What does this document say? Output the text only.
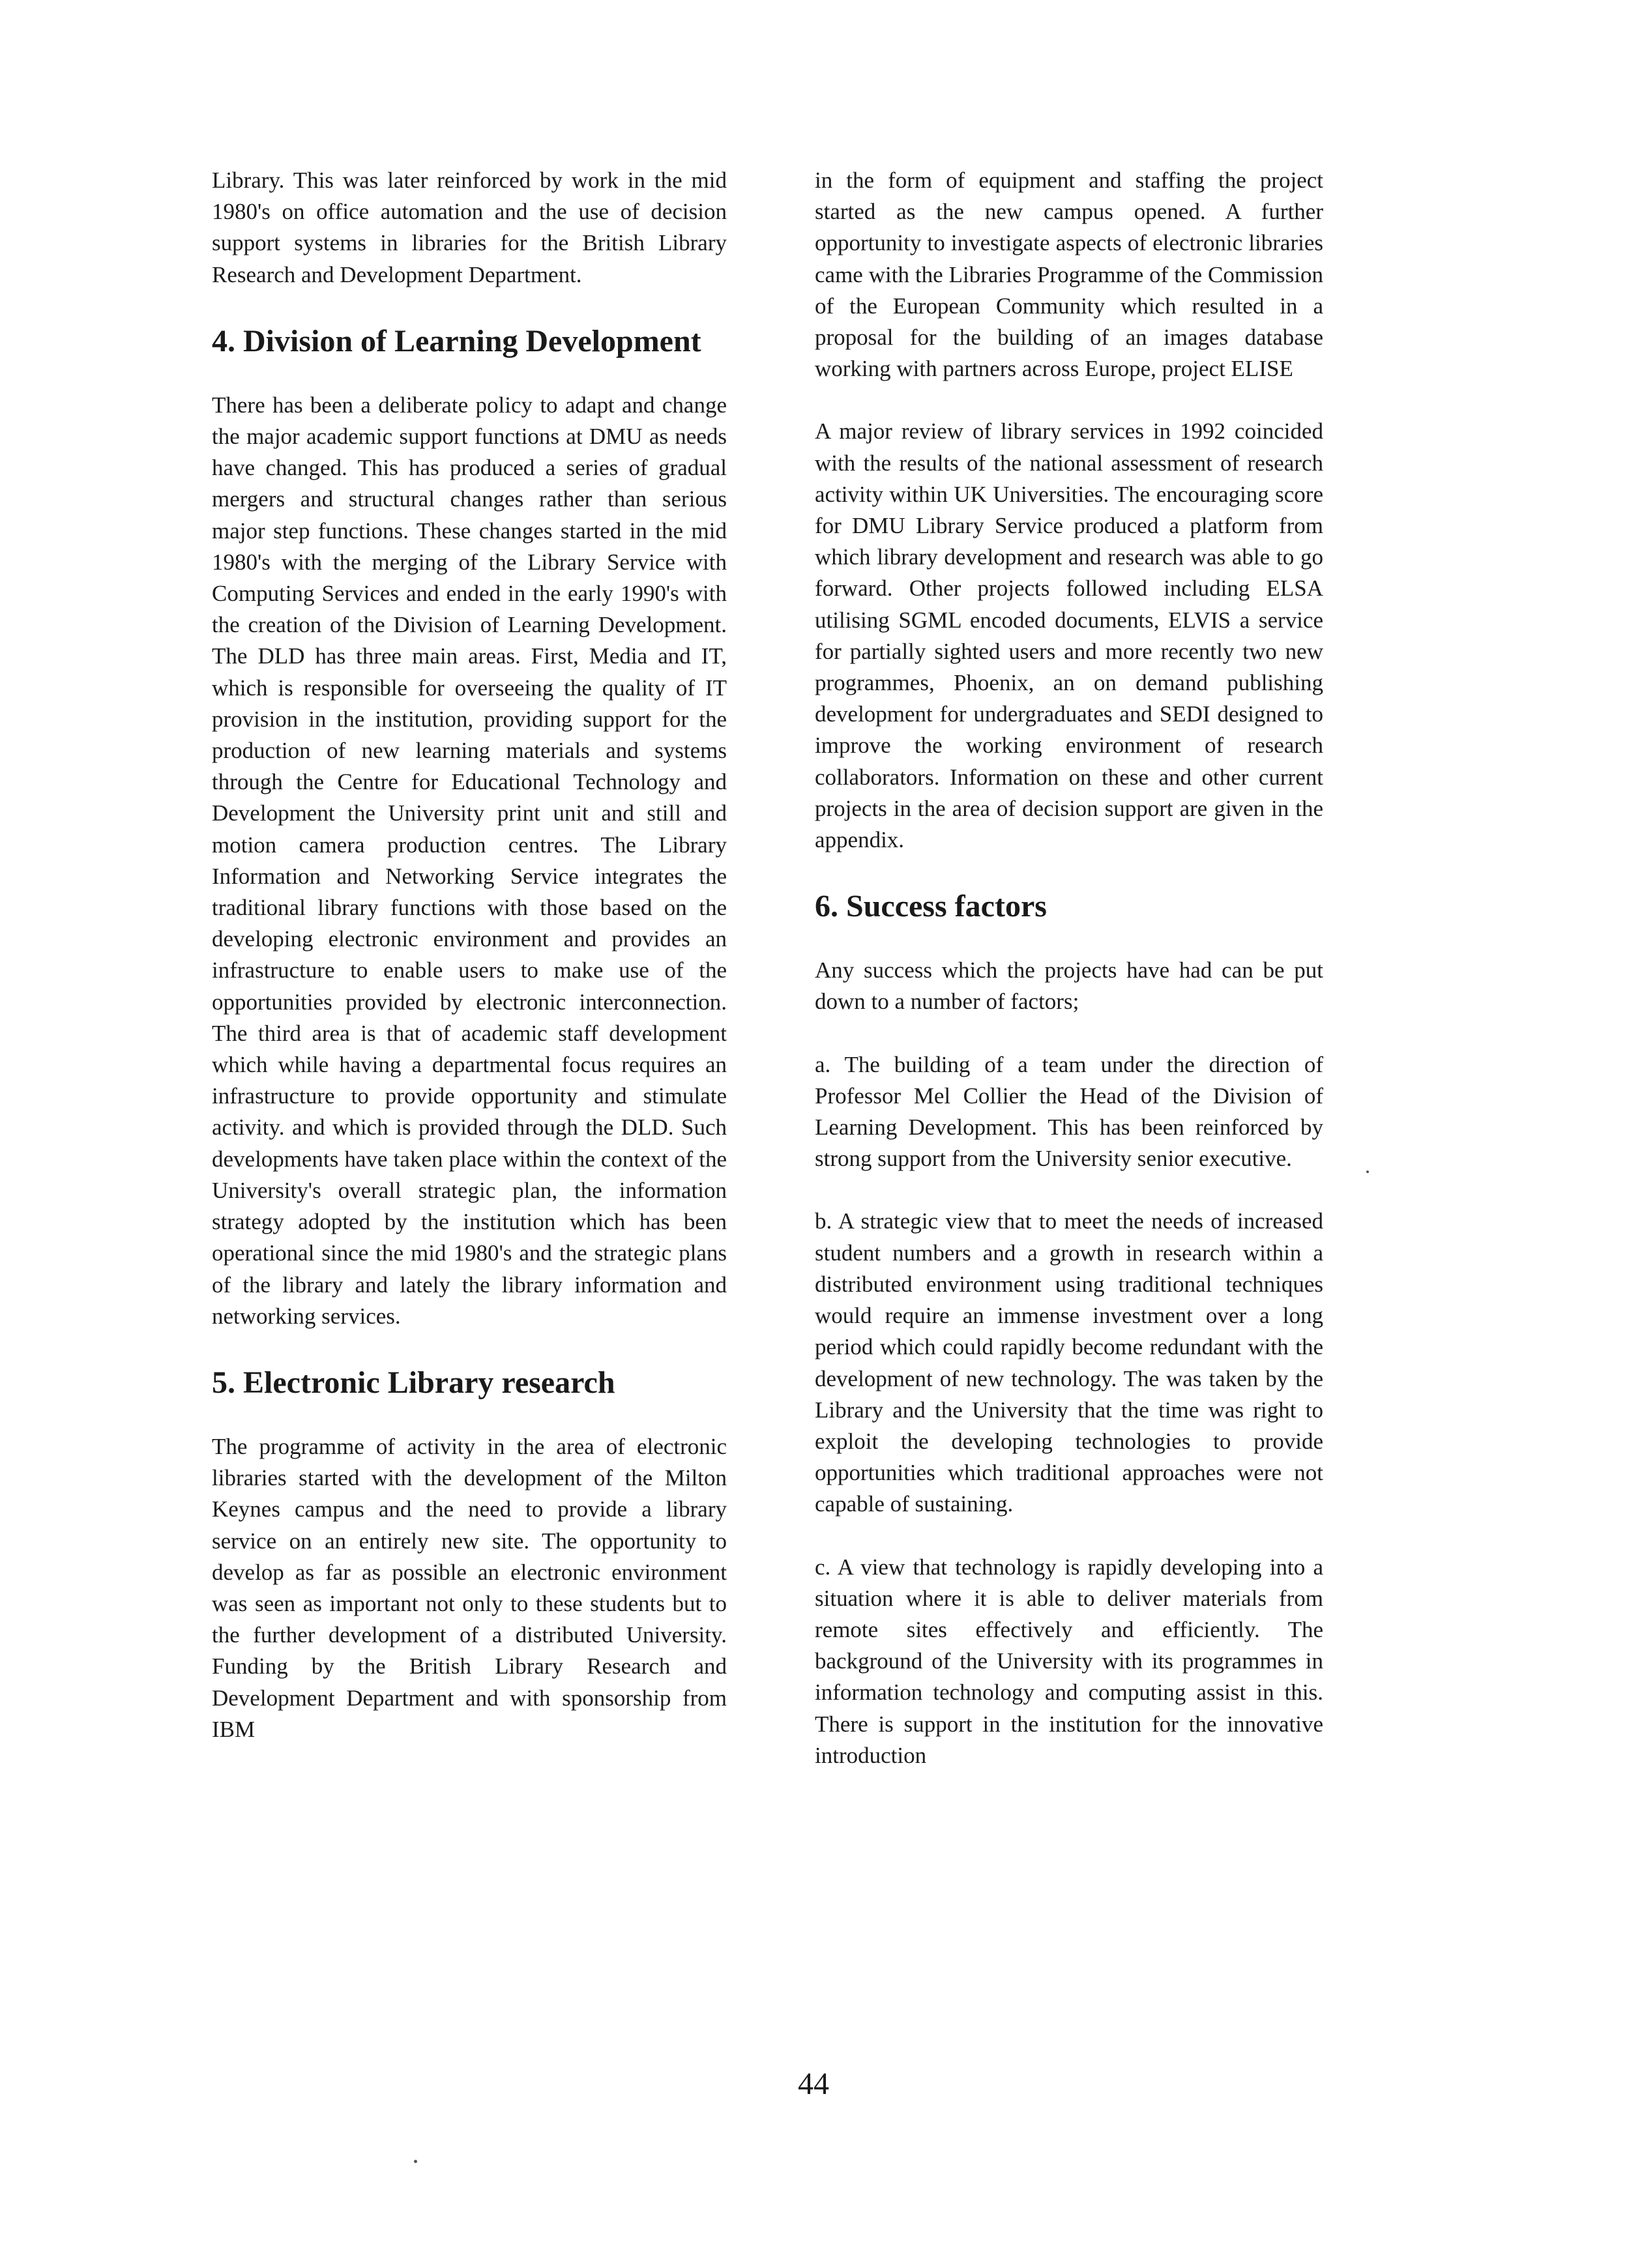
Library. This was later reinforced by work in the mid 1980's on office automation and the use of decision support systems in libraries for the British Library Research and Development Department.

4. Division of Learning Development

There has been a deliberate policy to adapt and change the major academic support functions at DMU as needs have changed. This has produced a series of gradual mergers and structural changes rather than serious major step functions. These changes started in the mid 1980's with the merging of the Library Service with Computing Services and ended in the early 1990's with the creation of the Division of Learning Development. The DLD has three main areas. First, Media and IT, which is responsible for overseeing the quality of IT provision in the institution, providing support for the production of new learning materials and systems through the Centre for Educational Technology and Development the University print unit and still and motion camera production centres. The Library Information and Networking Service integrates the traditional library functions with those based on the developing electronic environment and provides an infrastructure to enable users to make use of the opportunities provided by electronic interconnection. The third area is that of academic staff development which while having a departmental focus requires an infrastructure to provide opportunity and stimulate activity. and which is provided through the DLD. Such developments have taken place within the context of the University's overall strategic plan, the information strategy adopted by the institution which has been operational since the mid 1980's and the strategic plans of the library and lately the library information and networking services.

5. Electronic Library research

The programme of activity in the area of electronic libraries started with the development of the Milton Keynes campus and the need to provide a library service on an entirely new site. The opportunity to develop as far as possible an electronic environment was seen as important not only to these students but to the further development of a distributed University. Funding by the British Library Research and Development Department and with sponsorship from IBM

in the form of equipment and staffing the project started as the new campus opened. A further opportunity to investigate aspects of electronic libraries came with the Libraries Programme of the Commission of the European Community which resulted in a proposal for the building of an images database working with partners across Europe, project ELISE

A major review of library services in 1992 coincided with the results of the national assessment of research activity within UK Universities. The encouraging score for DMU Library Service produced a platform from which library development and research was able to go forward. Other projects followed including ELSA utilising SGML encoded documents, ELVIS a service for partially sighted users and more recently two new programmes, Phoenix, an on demand publishing development for undergraduates and SEDI designed to improve the working environment of research collaborators. Information on these and other current projects in the area of decision support are given in the appendix.

6. Success factors

Any success which the projects have had can be put down to a number of factors;

a. The building of a team under the direction of Professor Mel Collier the Head of the Division of Learning Development. This has been reinforced by strong support from the University senior executive.

b. A strategic view that to meet the needs of increased student numbers and a growth in research within a distributed environment using traditional techniques would require an immense investment over a long period which could rapidly become redundant with the development of new technology. The was taken by the Library and the University that the time was right to exploit the developing technologies to provide opportunities which traditional approaches were not capable of sustaining.

c. A view that technology is rapidly developing into a situation where it is able to deliver materials from remote sites effectively and efficiently. The background of the University with its programmes in information technology and computing assist in this. There is support in the institution for the innovative introduction

44
